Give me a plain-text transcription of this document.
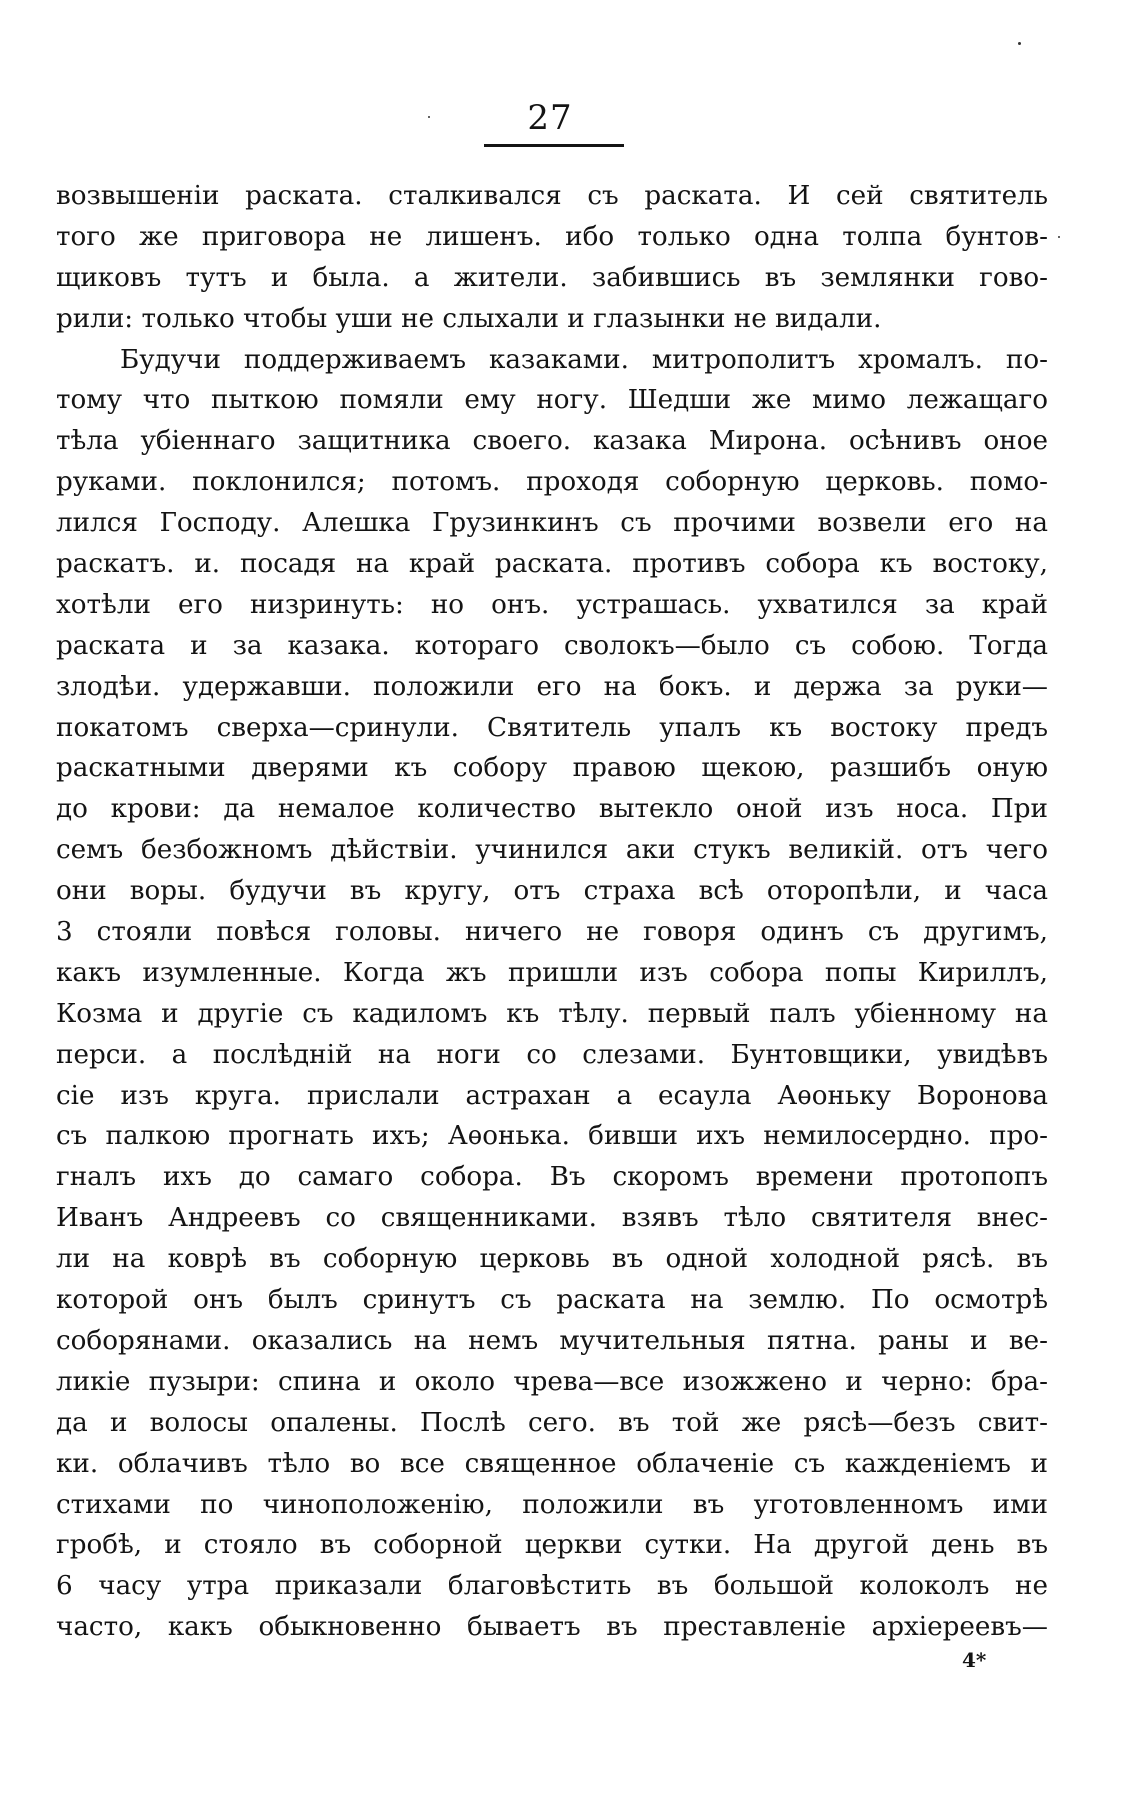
27
возвышеніи раската. сталкивался съ раската. И сей святитель
того же приговора не лишенъ. ибо только одна толпа бунтов-
щиковъ тутъ и была. а жители. забившись въ землянки гово-
рили: только чтобы уши не слыхали и глазынки не видали.
Будучи поддерживаемъ казаками. митрополитъ хромалъ. по-
тому что пыткою помяли ему ногу. Шедши же мимо лежащаго
тѣла убіеннаго защитника своего. казака Мирона. осѣнивъ оное
руками. поклонился; потомъ. проходя соборную церковь. помо-
лился Господу. Алешка Грузинкинъ съ прочими возвели его на
раскатъ. и. посадя на край раската. противъ собора къ востоку,
хотѣли его низринуть: но онъ. устрашась. ухватился за край
раската и за казака. котораго сволокъ—было съ собою. Тогда
злодѣи. удержавши. положили его на бокъ. и держа за руки—
покатомъ сверха—сринули. Святитель упалъ къ востоку предъ
раскатными дверями къ собору правою щекою, разшибъ оную
до крови: да немалое количество вытекло оной изъ носа. При
семъ безбожномъ дѣйствіи. учинился аки стукъ великій. отъ чего
они воры. будучи въ кругу, отъ страха всѣ оторопѣли, и часа
3 стояли повѣся головы. ничего не говоря одинъ съ другимъ,
какъ изумленные. Когда жъ пришли изъ собора попы Кириллъ,
Козма и другіе съ кадиломъ къ тѣлу. первый палъ убіенному на
перси. а послѣдній на ноги со слезами. Бунтовщики, увидѣвъ
сіе изъ круга. прислали астрахан а есаула Аѳоньку Воронова
съ палкою прогнать ихъ; Аѳонька. бивши ихъ немилосердно. про-
гналъ ихъ до самаго собора. Въ скоромъ времени протопопъ
Иванъ Андреевъ со священниками. взявъ тѣло святителя внес-
ли на коврѣ въ соборную церковь въ одной холодной рясѣ. въ
которой онъ былъ сринутъ съ раската на землю. По осмотрѣ
соборянами. оказались на немъ мучительныя пятна. раны и ве-
ликіе пузыри: спина и около чрева—все изожжено и черно: бра-
да и волосы опалены. Послѣ сего. въ той же рясѣ—безъ свит-
ки. облачивъ тѣло во все священное облаченіе съ кажденіемъ и
стихами по чиноположенію, положили въ уготовленномъ ими
гробѣ, и стояло въ соборной церкви сутки. На другой день въ
6 часу утра приказали благовѣстить въ большой колоколъ не
часто, какъ обыкновенно бываетъ въ преставленіе архіереевъ—
4*
